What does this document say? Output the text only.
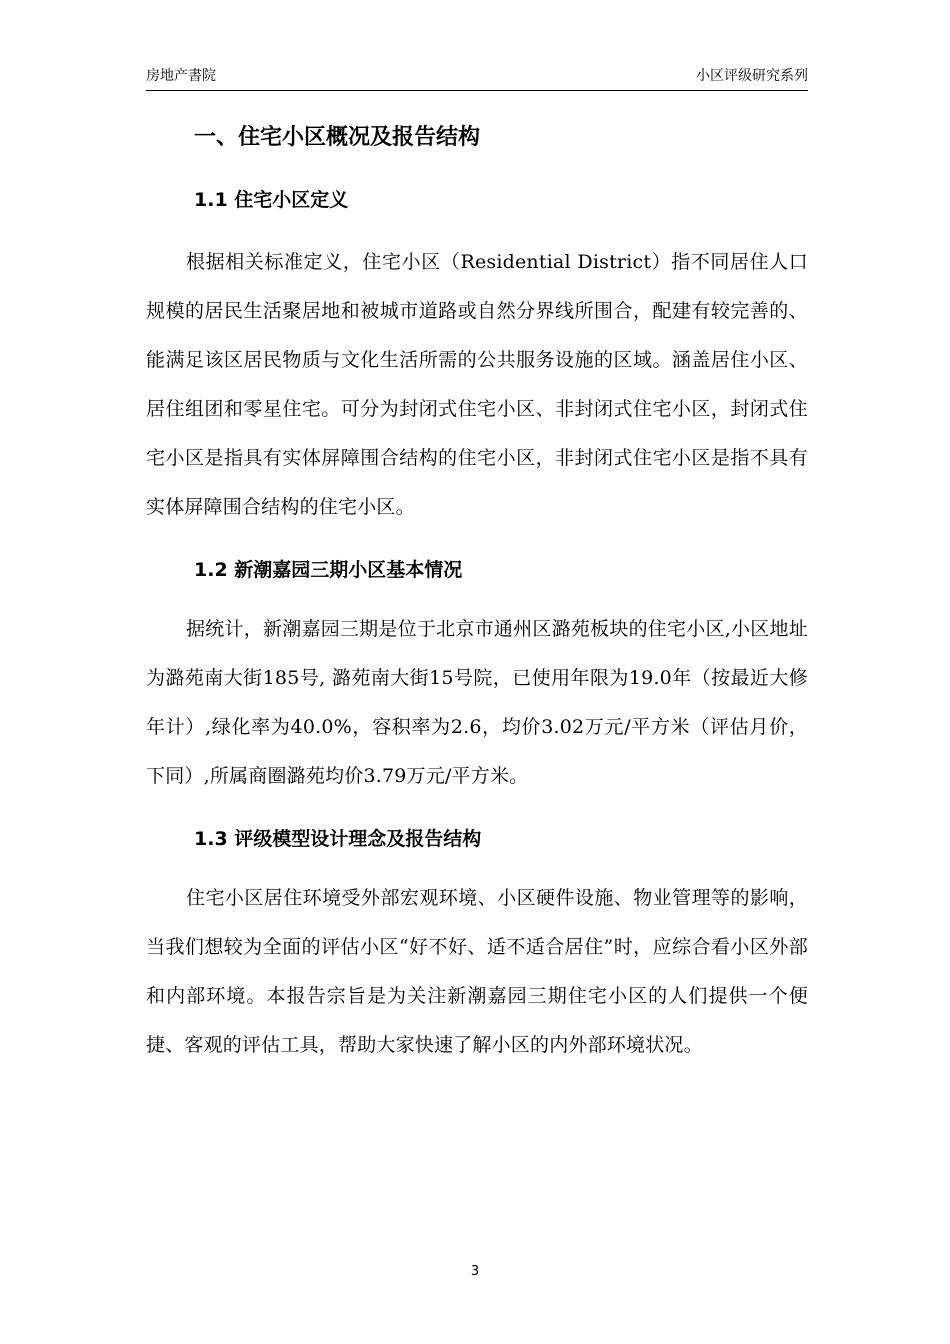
房地产書院	小区评级研究系列
一、住宅小区概况及报告结构
1.1 住宅小区定义

根据相关标准定义，住宅小区（Residential District）指不同居住人口规模的居民生活聚居地和被城市道路或自然分界线所围合，配建有较完善的、能满足该区居民物质与文化生活所需的公共服务设施的区域。涵盖居住小区、居住组团和零星住宅。可分为封闭式住宅小区、非封闭式住宅小区，封闭式住宅小区是指具有实体屏障围合结构的住宅小区，非封闭式住宅小区是指不具有实体屏障围合结构的住宅小区。

1.2 新潮嘉园三期小区基本情况

据统计，新潮嘉园三期是位于北京市通州区潞苑板块的住宅小区,小区地址为潞苑南大街185号, 潞苑南大街15号院，已使用年限为19.0年（按最近大修年计）,绿化率为40.0%，容积率为2.6，均价3.02万元/平方米（评估月价，下同）,所属商圈潞苑均价3.79万元/平方米。

1.3 评级模型设计理念及报告结构

住宅小区居住环境受外部宏观环境、小区硬件设施、物业管理等的影响，当我们想较为全面的评估小区“好不好、适不适合居住”时，应综合看小区外部和内部环境。本报告宗旨是为关注新潮嘉园三期住宅小区的人们提供一个便捷、客观的评估工具，帮助大家快速了解小区的内外部环境状况。

3
